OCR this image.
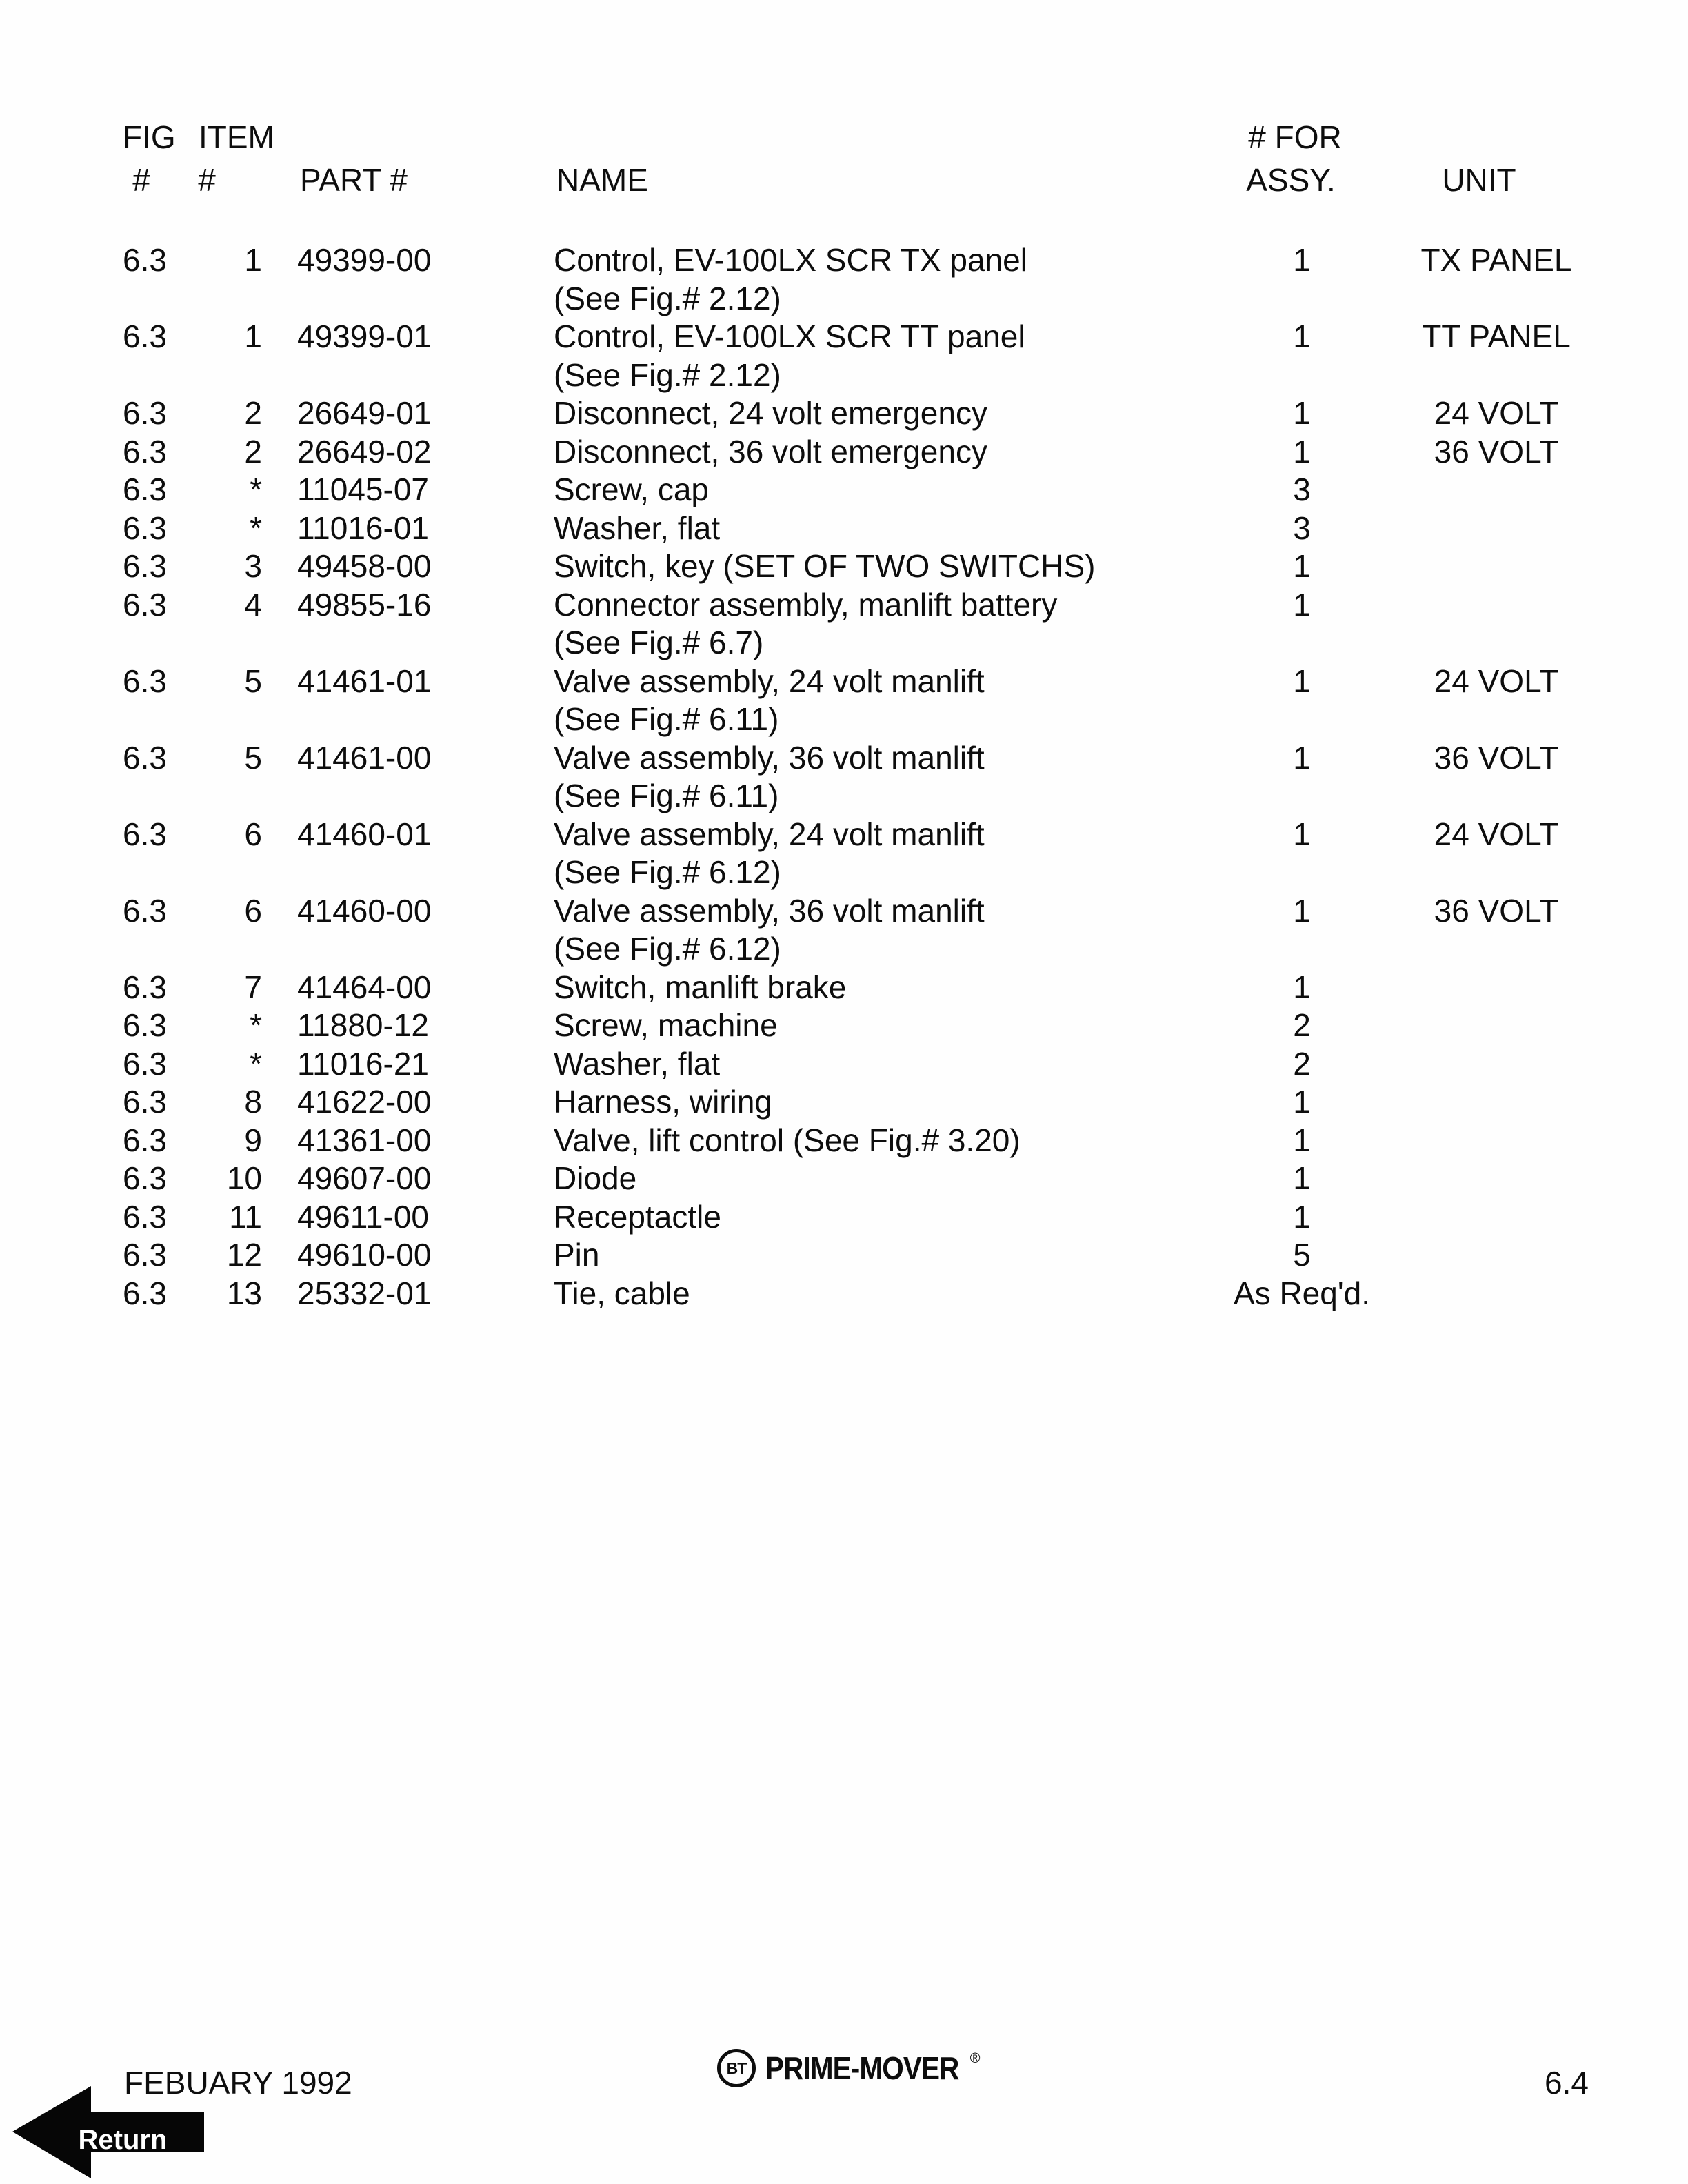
FIG ITEM	# FOR
# #	PART #	NAME	ASSY.	UNIT
6.3	1 49399-00	Control, EV-100LX SCR TX panel	1	TX PANEL
(See Fig.# 2.12)
6.3	1 49399-01	Control, EV-100LX SCR TT panel	1	TT PANEL
(See Fig.# 2.12)
6.3	2 26649-01	Disconnect, 24 volt emergency	1	24 VOLT
6.3	2 26649-02	Disconnect, 36 volt emergency	1	36 VOLT
6.3	* 11045-07	Screw, cap	3
6.3	* 11016-01	Washer, flat	3
6.3	3 49458-00	Switch, key (SET OF TWO SWITCHS)	1
6.3	4 49855-16	Connector assembly, manlift battery	1
(See Fig.# 6.7)
6.3	5 41461-01	Valve assembly, 24 volt manlift	1	24 VOLT
(See Fig.# 6.11)
6.3	5 41461-00	Valve assembly, 36 volt manlift	1	36 VOLT
(See Fig.# 6.11)
6.3	6 41460-01	Valve assembly, 24 volt manlift	1	24 VOLT
(See Fig.# 6.12)
6.3	6 41460-00	Valve assembly, 36 volt manlift	1	36 VOLT
(See Fig.# 6.12)
6.3	7 41464-00	Switch, manlift brake	1
6.3	* 11880-12	Screw, machine	2
6.3	* 11016-21	Washer, flat	2
6.3	8 41622-00	Harness, wiring	1
6.3	9 41361-00	Valve, lift control (See Fig.# 3.20)	1
6.3	10 49607-00	Diode	1
6.3	11 49611-00	Receptactle	1
6.3	12 49610-00	Pin	5
6.3	13 25332-01	Tie, cable	As Req'd.
FEBUARY 1992	BT PRIME-MOVER ®
6.4
Return
